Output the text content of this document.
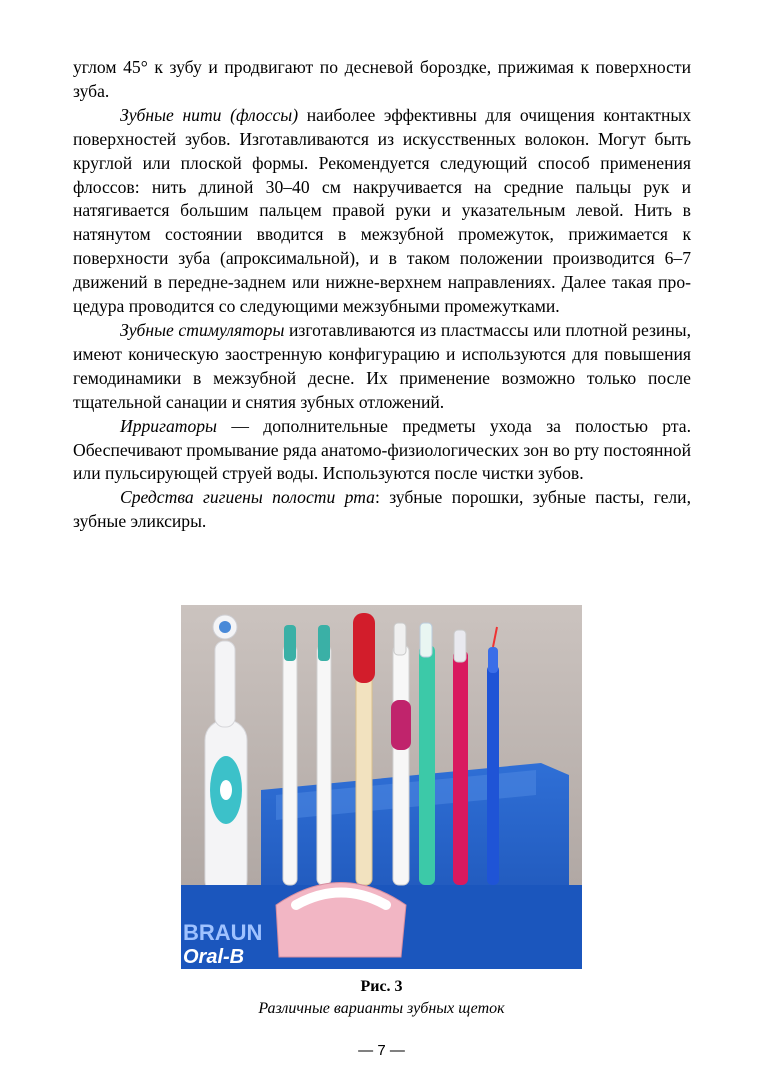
углом 45° к зубу и продвигают по десневой бороздке, прижимая к поверхности зуба.

Зубные нити (флоссы) наиболее эффективны для очищения контактных поверхностей зубов. Изготавливаются из искусственных волокон. Могут быть круглой или плоской формы. Рекомендуется следующий способ применения флоссов: нить длиной 30–40 см накручивается на средние пальцы рук и натягивается большим пальцем правой руки и указательным левой. Нить в натянутом состоянии вводится в межзубной промежуток, прижимается к поверхности зуба (апроксимальной), и в таком положении производится 6–7 движений в передне-заднем или нижне-верхнем направлениях. Далее такая процедура проводится со следующими межзубными промежутками.

Зубные стимуляторы изготавливаются из пластмассы или плотной резины, имеют коническую заостренную конфигурацию и используются для повышения гемодинамики в межзубной десне. Их применение возможно только после тщательной санации и снятия зубных отложений.

Ирригаторы — дополнительные предметы ухода за полостью рта. Обеспечивают промывание ряда анатомо-физиологических зон во рту постоянной или пульсирующей струей воды. Используются после чистки зубов.

Средства гигиены полости рта: зубные порошки, зубные пасты, гели, зубные эликсиры.

BRAUN
Oral-B
Рис. 3
Различные варианты зубных щеток
— 7 —
